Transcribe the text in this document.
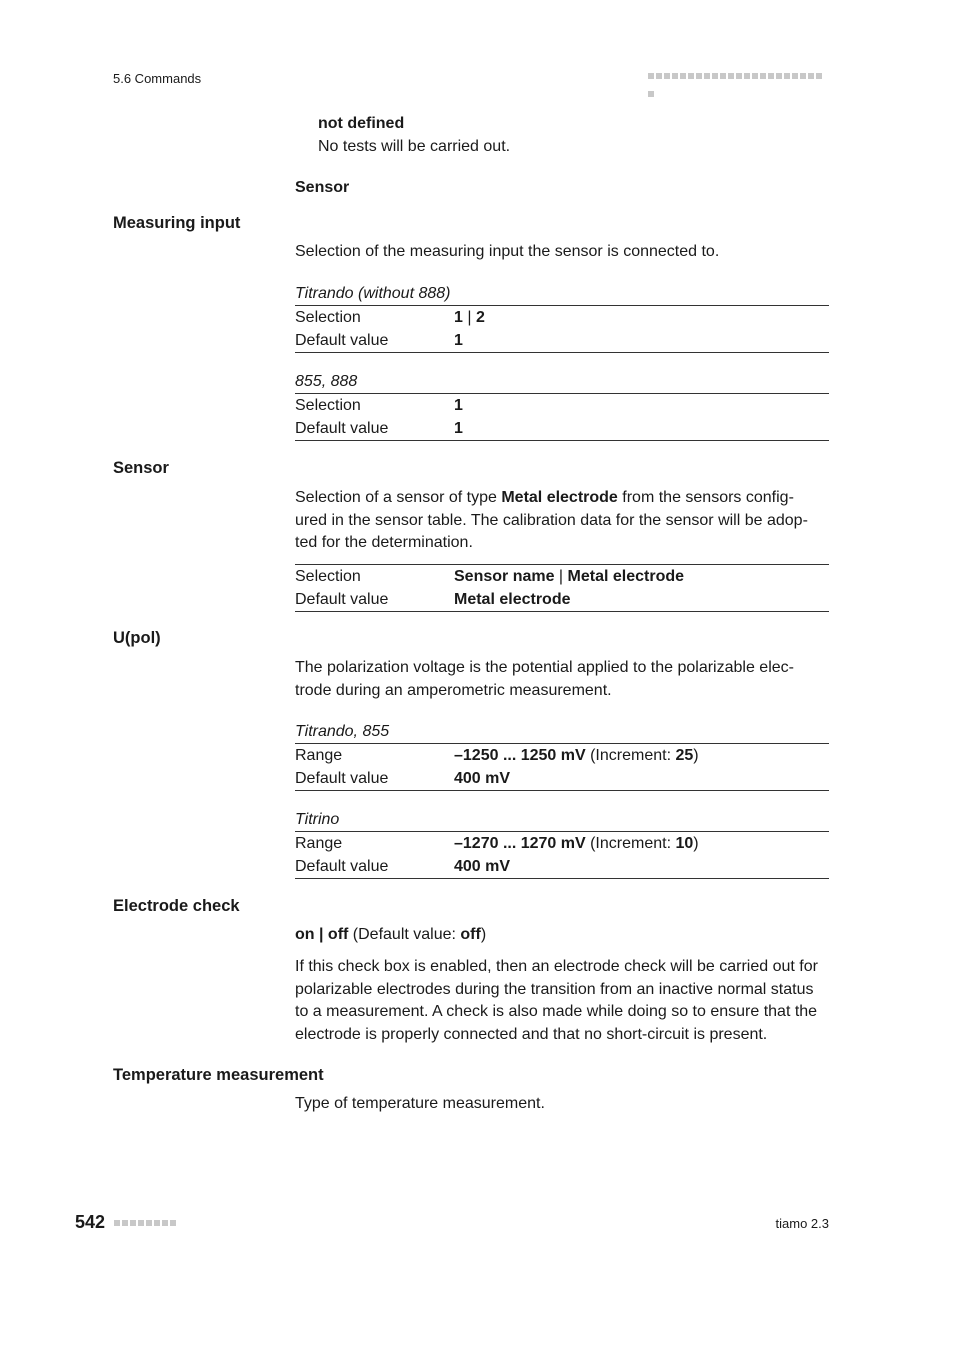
5.6 Commands
not defined
No tests will be carried out.
Sensor
Measuring input
Selection of the measuring input the sensor is connected to.
Titrando (without 888)
Selection	1 | 2
Default value	1
855, 888
Selection	1
Default value	1
Sensor
Selection of a sensor of type Metal electrode from the sensors config-
ured in the sensor table. The calibration data for the sensor will be adop-
ted for the determination.
Selection	Sensor name | Metal electrode
Default value	Metal electrode
U(pol)
The polarization voltage is the potential applied to the polarizable elec-
trode during an amperometric measurement.
Titrando, 855
Range	–1250 ... 1250 mV (Increment: 25)
Default value	400 mV
Titrino
Range	–1270 ... 1270 mV (Increment: 10)
Default value	400 mV
Electrode check
on | off (Default value: off)
If this check box is enabled, then an electrode check will be carried out for
polarizable electrodes during the transition from an inactive normal status
to a measurement. A check is also made while doing so to ensure that the
electrode is properly connected and that no short-circuit is present.
Temperature measurement
Type of temperature measurement.
542	tiamo 2.3
